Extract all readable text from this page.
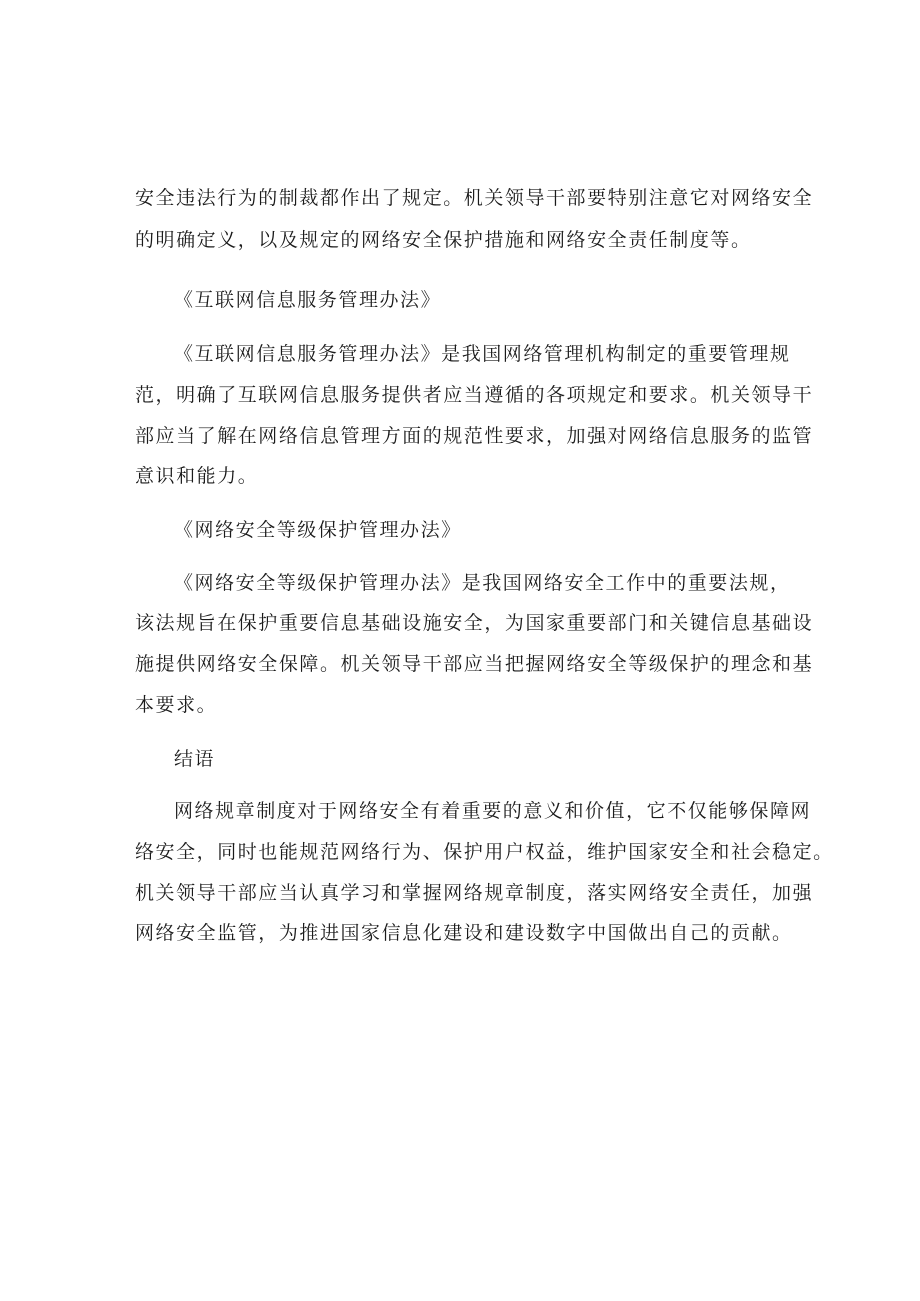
安全违法行为的制裁都作出了规定。机关领导干部要特别注意它对网络安全

的明确定义，以及规定的网络安全保护措施和网络安全责任制度等。

《互联网信息服务管理办法》

《互联网信息服务管理办法》是我国网络管理机构制定的重要管理规

范，明确了互联网信息服务提供者应当遵循的各项规定和要求。机关领导干

部应当了解在网络信息管理方面的规范性要求，加强对网络信息服务的监管

意识和能力。

《网络安全等级保护管理办法》

《网络安全等级保护管理办法》是我国网络安全工作中的重要法规，

该法规旨在保护重要信息基础设施安全，为国家重要部门和关键信息基础设

施提供网络安全保障。机关领导干部应当把握网络安全等级保护的理念和基

本要求。

结语

网络规章制度对于网络安全有着重要的意义和价值，它不仅能够保障网

络安全，同时也能规范网络行为、保护用户权益，维护国家安全和社会稳定。

机关领导干部应当认真学习和掌握网络规章制度，落实网络安全责任，加强

网络安全监管，为推进国家信息化建设和建设数字中国做出自己的贡献。
